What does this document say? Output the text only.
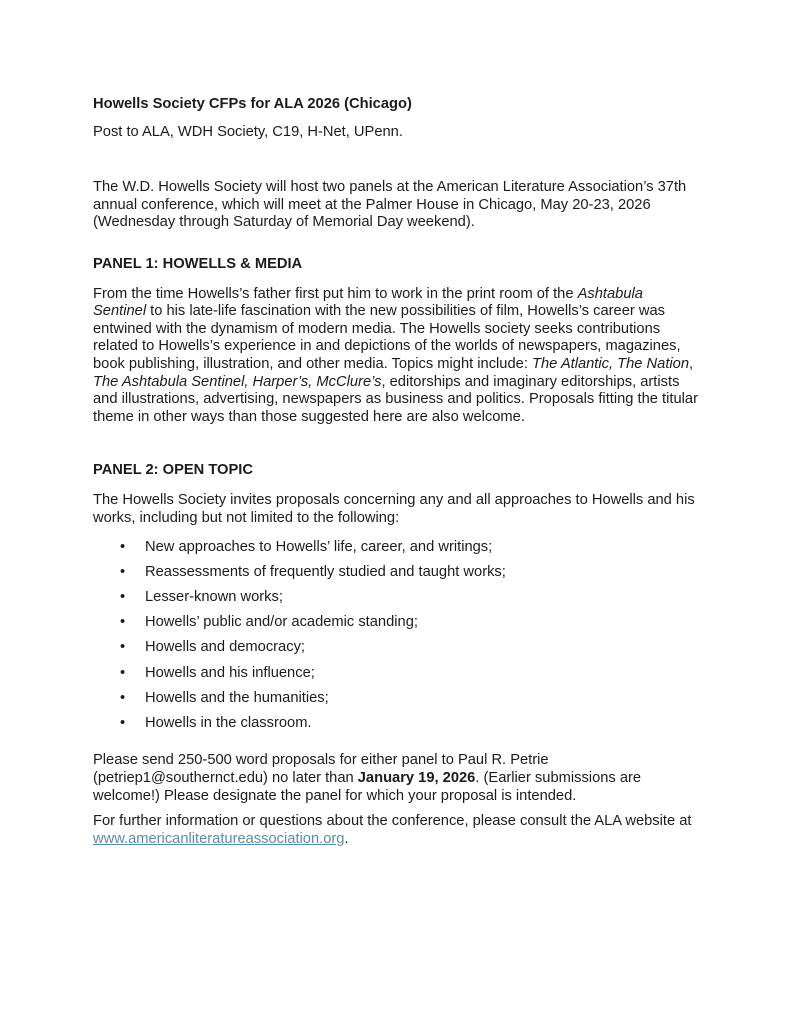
Howells Society CFPs for ALA 2026 (Chicago)

Post to ALA, WDH Society, C19, H-Net, UPenn.

The W.D. Howells Society will host two panels at the American Literature Association’s 37th annual conference, which will meet at the Palmer House in Chicago, May 20-23, 2026 (Wednesday through Saturday of Memorial Day weekend).

PANEL 1: HOWELLS & MEDIA

From the time Howells’s father first put him to work in the print room of the Ashtabula Sentinel to his late-life fascination with the new possibilities of film, Howells’s career was entwined with the dynamism of modern media. The Howells society seeks contributions related to Howells’s experience in and depictions of the worlds of newspapers, magazines, book publishing, illustration, and other media. Topics might include: The Atlantic, The Nation, The Ashtabula Sentinel, Harper’s, McClure’s, editorships and imaginary editorships, artists and illustrations, advertising, newspapers as business and politics. Proposals fitting the titular theme in other ways than those suggested here are also welcome.

PANEL 2: OPEN TOPIC

The Howells Society invites proposals concerning any and all approaches to Howells and his works, including but not limited to the following:

• New approaches to Howells’ life, career, and writings;
• Reassessments of frequently studied and taught works;
• Lesser-known works;
• Howells’ public and/or academic standing;
• Howells and democracy;
• Howells and his influence;
• Howells and the humanities;
• Howells in the classroom.

Please send 250-500 word proposals for either panel to Paul R. Petrie (petriep1@southernct.edu) no later than January 19, 2026. (Earlier submissions are welcome!) Please designate the panel for which your proposal is intended.

For further information or questions about the conference, please consult the ALA website at www.americanliteratureassociation.org.
